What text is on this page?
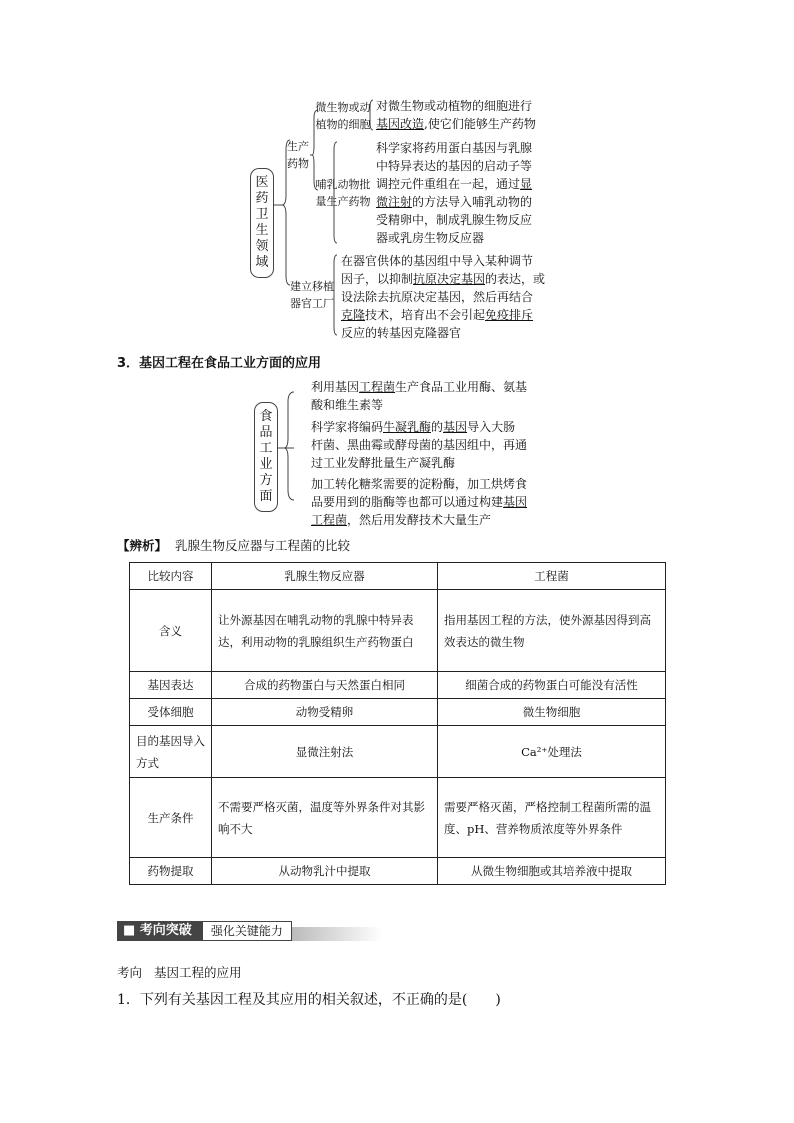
医
药
卫
生
领
域
生产
药物
微生物或动
植物的细胞
对微生物或动植物的细胞进行
基因改造,使它们能够生产药物
哺乳动物批
量生产药物
科学家将药用蛋白基因与乳腺
中特异表达的基因的启动子等
调控元件重组在一起，通过显
微注射的方法导入哺乳动物的
受精卵中，制成乳腺生物反应
器或乳房生物反应器
建立移植
器官工厂
在器官供体的基因组中导入某种调节
因子，以抑制抗原决定基因的表达，或
设法除去抗原决定基因，然后再结合
克隆技术，培育出不会引起免疫排斥
反应的转基因克隆器官
3．基因工程在食品工业方面的应用
食
品
工
业
方
面
利用基因工程菌生产食品工业用酶、氨基
酸和维生素等
科学家将编码牛凝乳酶的基因导入大肠
杆菌、黑曲霉或酵母菌的基因组中，再通
过工业发酵批量生产凝乳酶
加工转化糖浆需要的淀粉酶，加工烘烤食
品要用到的脂酶等也都可以通过构建基因
工程菌，然后用发酵技术大量生产
【辨析】 乳腺生物反应器与工程菌的比较
比较内容	乳腺生物反应器	工程菌
含义	让外源基因在哺乳动物的乳腺中特异表达，利用动物的乳腺组织生产药物蛋白	指用基因工程的方法，使外源基因得到高效表达的微生物
基因表达	合成的药物蛋白与天然蛋白相同	细菌合成的药物蛋白可能没有活性
受体细胞	动物受精卵	微生物细胞
目的基因导入方式	显微注射法	Ca²⁺处理法
生产条件	不需要严格灭菌，温度等外界条件对其影响不大	需要严格灭菌，严格控制工程菌所需的温度、pH、营养物质浓度等外界条件
药物提取	从动物乳汁中提取	从微生物细胞或其培养液中提取
■ 考向突破	强化关键能力
考向 基因工程的应用
1．下列有关基因工程及其应用的相关叙述，不正确的是(　　)
